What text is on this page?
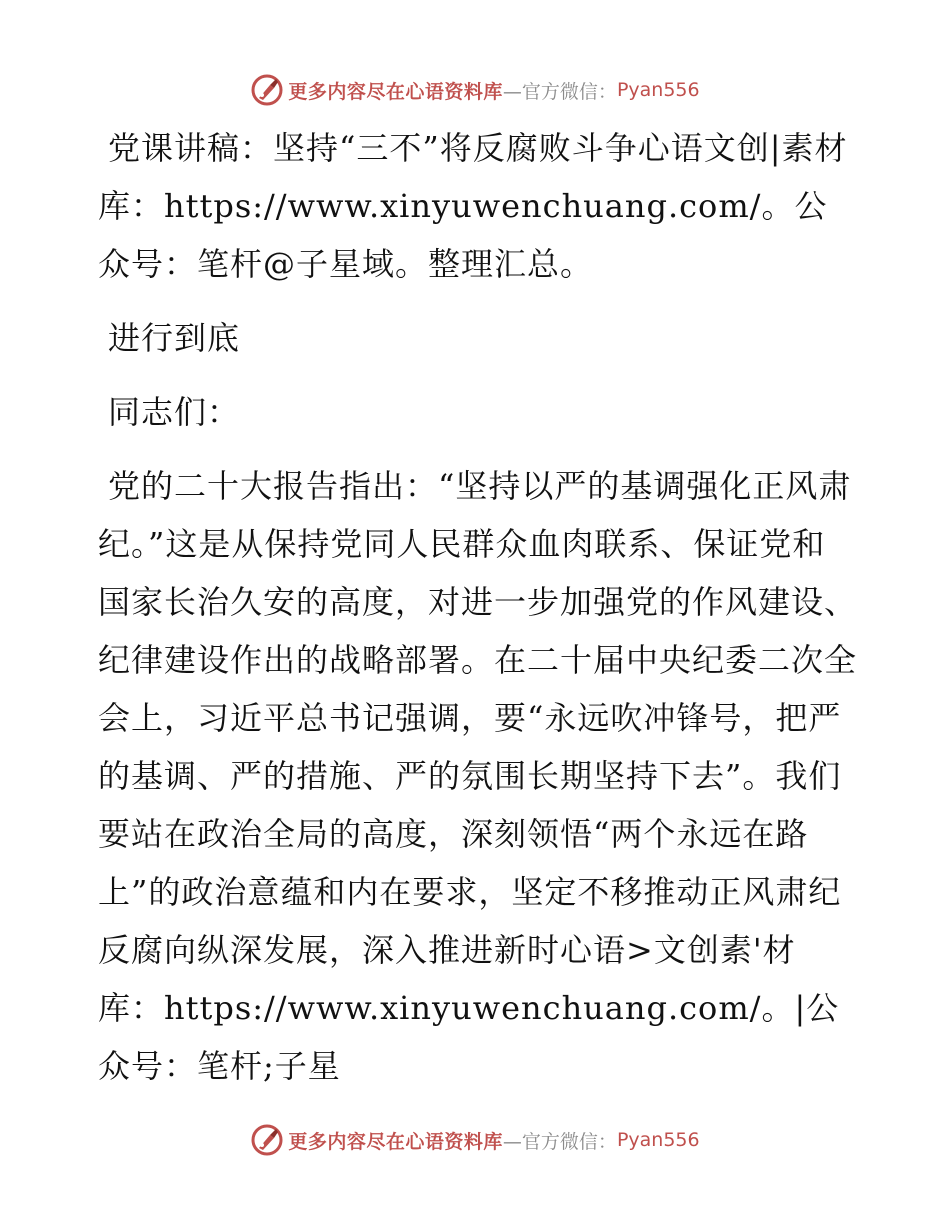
更多内容尽在心语资料库 —官方微信： Pyan556

党课讲稿：坚持“三不”将反腐败斗争心语文创|素材库：https://www.xinyuwenchuang.com/。公众号：笔杆@子星域。整理汇总。

进行到底

同志们：

党的二十大报告指出：“坚持以严的基调强化正风肃纪。”这是从保持党同人民群众血肉联系、保证党和国家长治久安的高度，对进一步加强党的作风建设、纪律建设作出的战略部署。在二十届中央纪委二次全会上，习近平总书记强调，要“永远吹冲锋号，把严的基调、严的措施、严的氛围长期坚持下去”。我们要站在政治全局的高度，深刻领悟“两个永远在路上”的政治意蕴和内在要求，坚定不移推动正风肃纪反腐向纵深发展，深入推进新时心语>文创素'材库：https://www.xinyuwenchuang.com/。|公众号：笔杆;子星

更多内容尽在心语资料库 —官方微信： Pyan556
